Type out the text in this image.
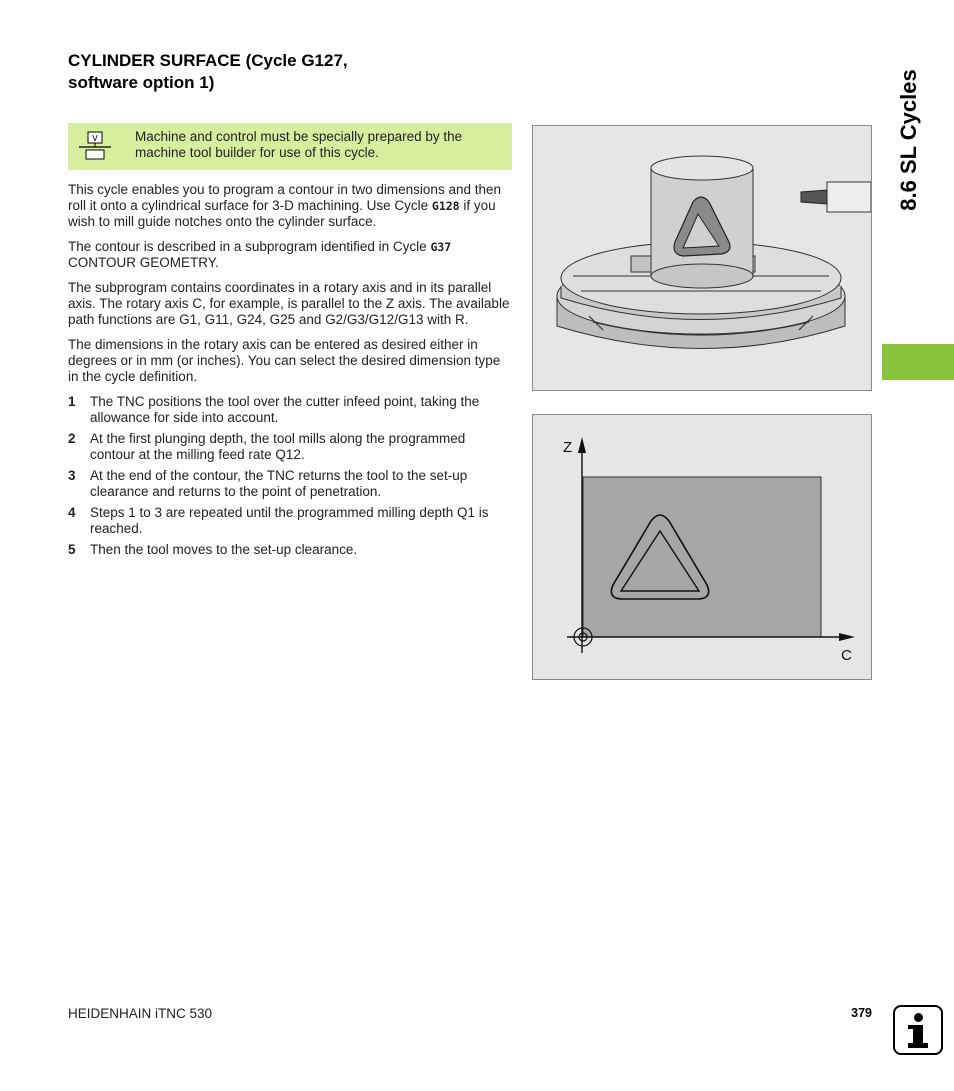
CYLINDER SURFACE (Cycle G127,
software option 1)
V	Machine and control must be specially prepared by the machine tool builder for use of this cycle.

This cycle enables you to program a contour in two dimensions and then roll it onto a cylindrical surface for 3-D machining. Use Cycle G128 if you wish to mill guide notches onto the cylinder surface.

The contour is described in a subprogram identified in Cycle G37 CONTOUR GEOMETRY.

The subprogram contains coordinates in a rotary axis and in its parallel axis. The rotary axis C, for example, is parallel to the Z axis. The available path functions are G1, G11, G24, G25 and G2/G3/G12/G13 with R.

The dimensions in the rotary axis can be entered as desired either in degrees or in mm (or inches). You can select the desired dimension type in the cycle definition.

1 The TNC positions the tool over the cutter infeed point, taking the allowance for side into account.
2 At the first plunging depth, the tool mills along the programmed contour at the milling feed rate Q12.
3 At the end of the contour, the TNC returns the tool to the set-up clearance and returns to the point of penetration.
4 Steps 1 to 3 are repeated until the programmed milling depth Q1 is reached.
5 Then the tool moves to the set-up clearance.
Z
C
8.6 SL Cycles
HEIDENHAIN iTNC 530	379
